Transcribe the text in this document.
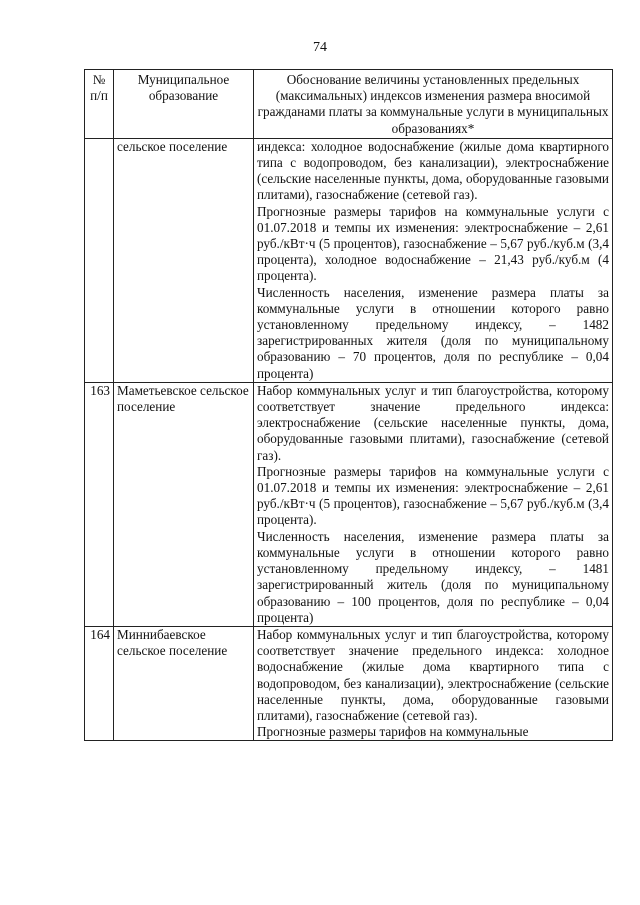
74
№ п/п	Муниципальное образование	Обоснование величины установленных предельных (максимальных) индексов изменения размера вносимой гражданами платы за коммунальные услуги в муниципальных образованиях*
	сельское поселение	индекса: холодное водоснабжение (жилые дома квартирного типа с водопроводом, без канализации), электроснабжение (сельские населенные пункты, дома, оборудованные газовыми плитами), газоснабжение (сетевой газ).
Прогнозные размеры тарифов на коммунальные услуги с 01.07.2018 и темпы их изменения: электроснабжение – 2,61 руб./кВт·ч (5 процентов), газоснабжение – 5,67 руб./куб.м (3,4 процента), холодное водоснабжение – 21,43 руб./куб.м (4 процента).
Численность населения, изменение размера платы за коммунальные услуги в отношении которого равно установленному предельному индексу, – 1482 зарегистрированных жителя (доля по муниципальному образованию – 70 процентов, доля по республике – 0,04 процента)

163	Маметьевское сельское поселение	Набор коммунальных услуг и тип благоустройства, которому соответствует значение предельного индекса: электроснабжение (сельские населенные пункты, дома, оборудованные газовыми плитами), газоснабжение (сетевой газ).
Прогнозные размеры тарифов на коммунальные услуги с 01.07.2018 и темпы их изменения: электроснабжение – 2,61 руб./кВт·ч (5 процентов), газоснабжение – 5,67 руб./куб.м (3,4 процента).
Численность населения, изменение размера платы за коммунальные услуги в отношении которого равно установленному предельному индексу, – 1481 зарегистрированный житель (доля по муниципальному образованию – 100 процентов, доля по республике – 0,04 процента)

164	Миннибаевское сельское поселение	Набор коммунальных услуг и тип благоустройства, которому соответствует значение предельного индекса: холодное водоснабжение (жилые дома квартирного типа с водопроводом, без канализации), электроснабжение (сельские населенные пункты, дома, оборудованные газовыми плитами), газоснабжение (сетевой газ).
Прогнозные размеры тарифов на коммунальные
